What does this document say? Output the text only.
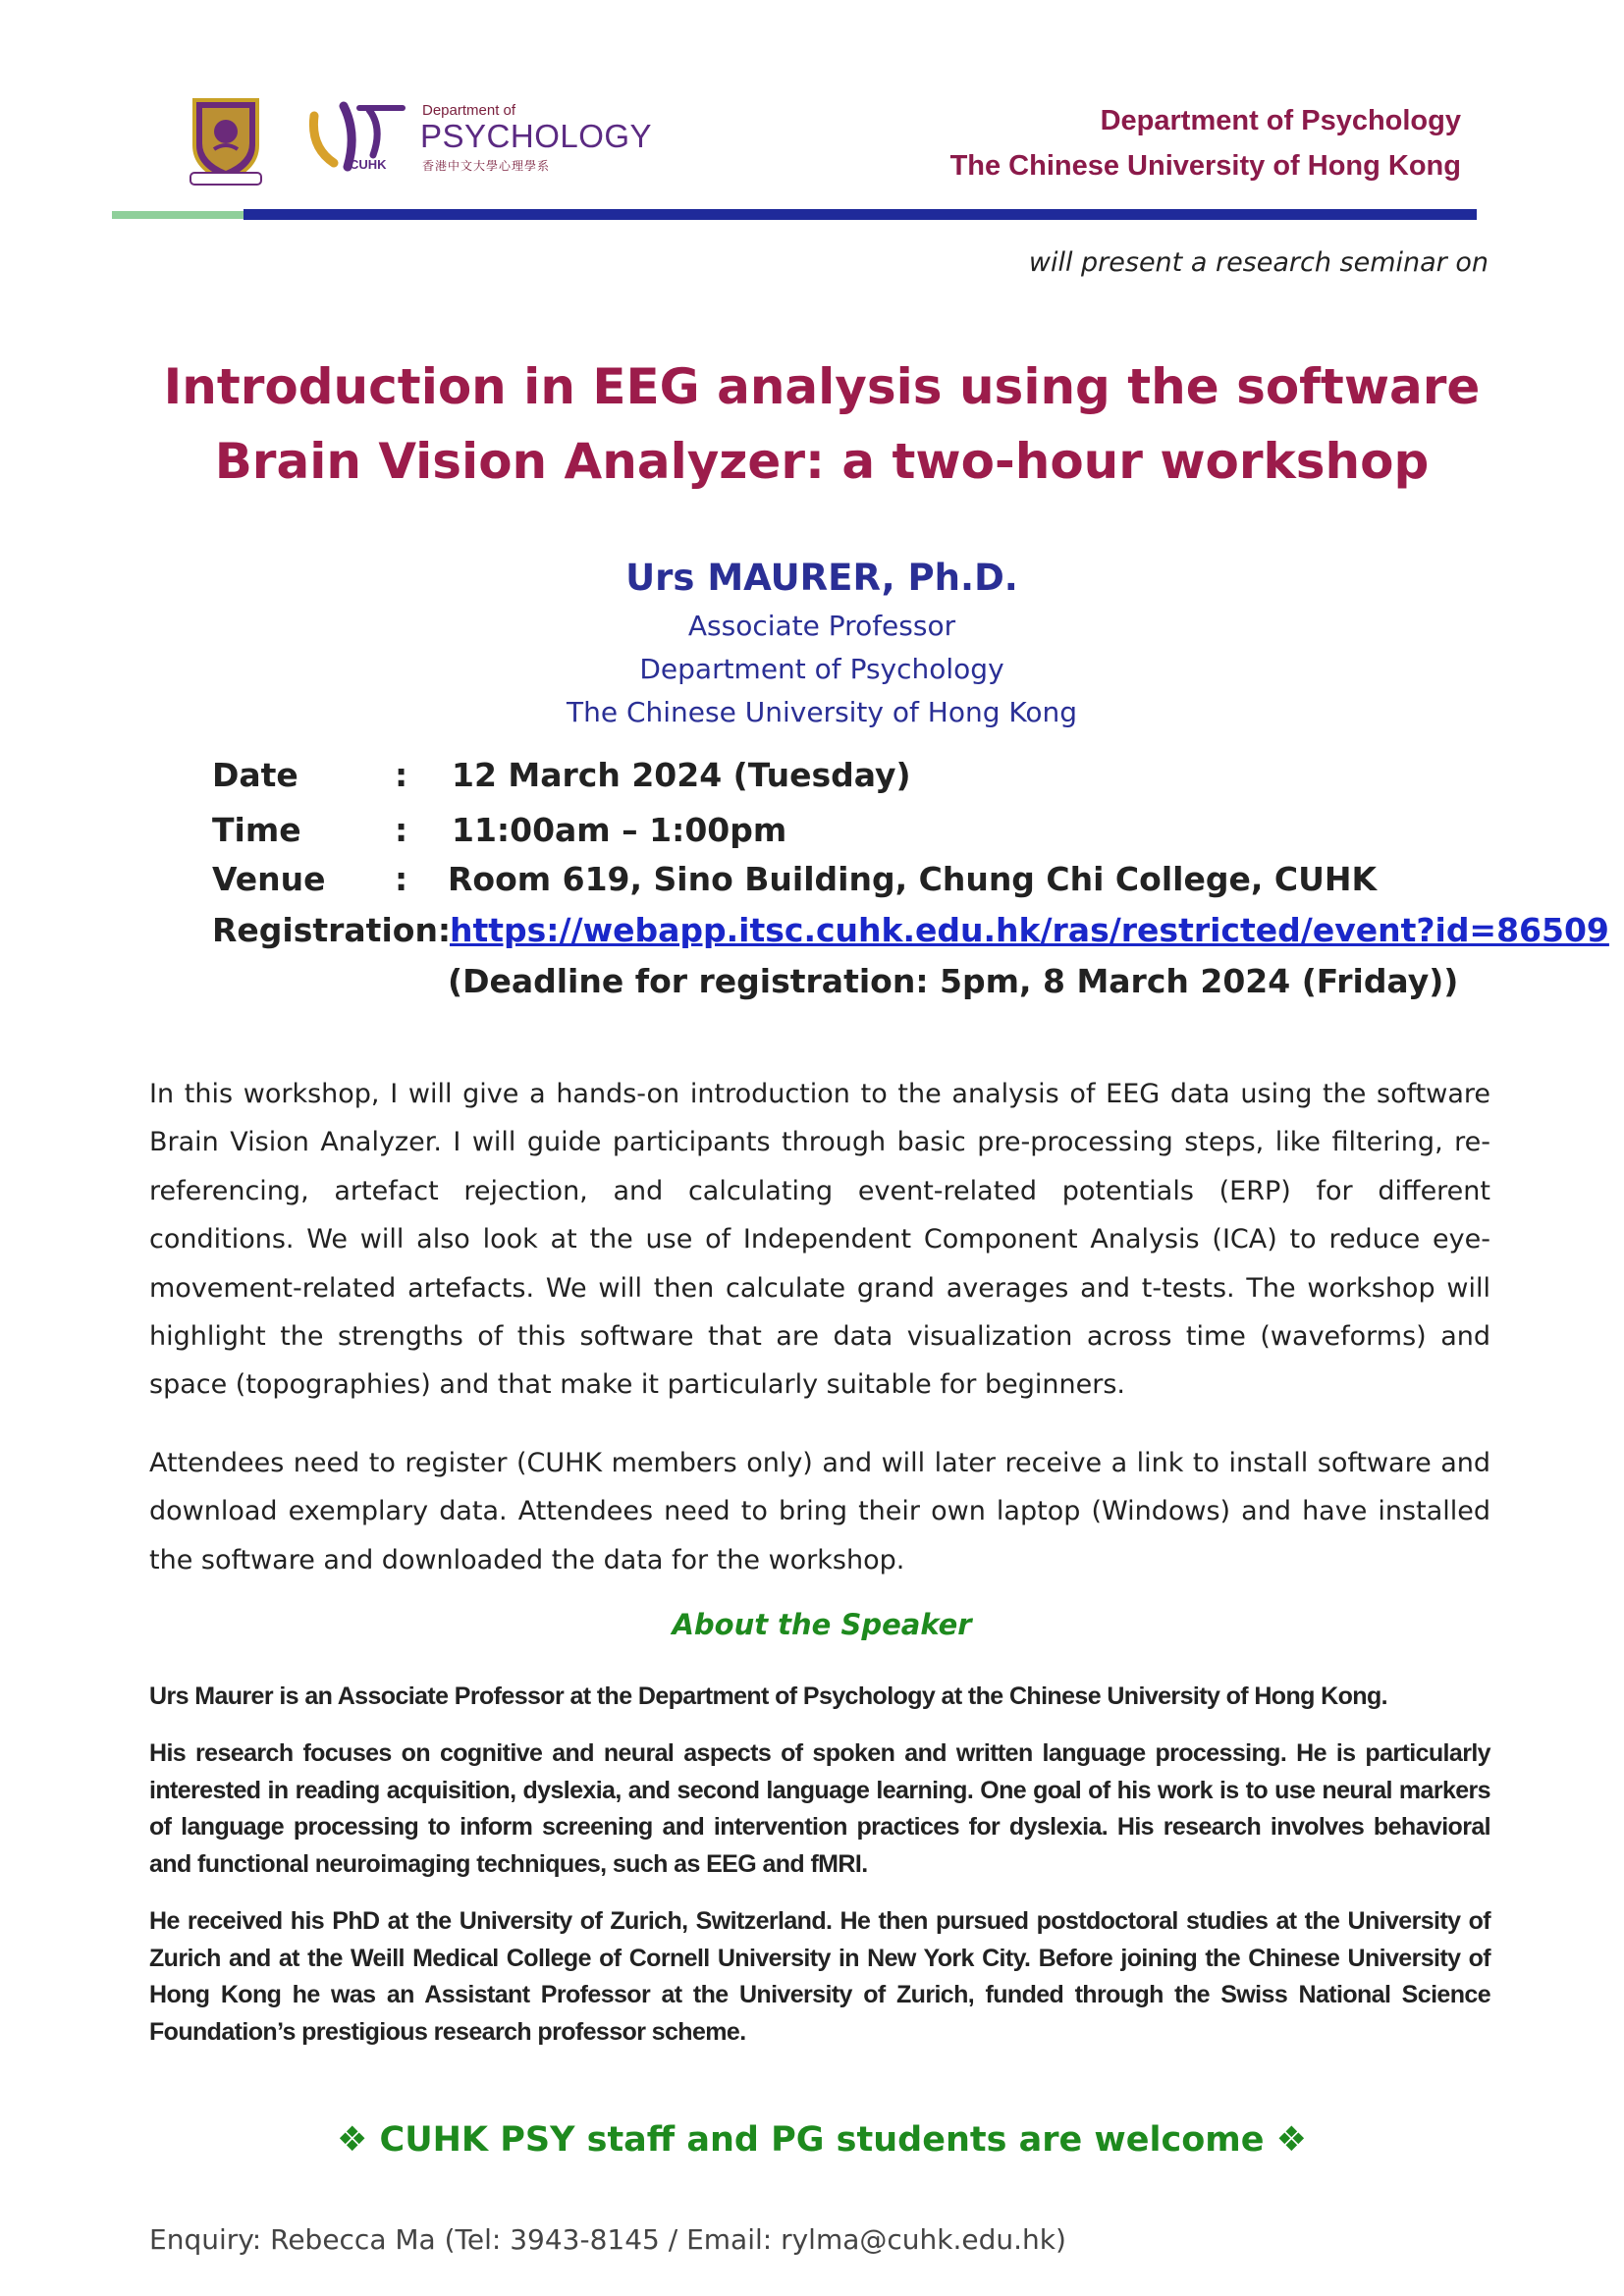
CUHK
Department of
PSYCHOLOGY
香港中文大學心理學系
Department of Psychology
The Chinese University of Hong Kong
will present a research seminar on
Introduction in EEG analysis using the software
Brain Vision Analyzer: a two-hour workshop
Urs MAURER, Ph.D.
Associate Professor
Department of Psychology
The Chinese University of Hong Kong
Date	: 12 March 2024 (Tuesday)
Time	: 11:00am – 1:00pm
Venue : Room 619, Sino Building, Chung Chi College, CUHK
Registration:
https://webapp.itsc.cuhk.edu.hk/ras/restricted/event?id=86509
(Deadline for registration: 5pm, 8 March 2024 (Friday))
In this workshop, I will give a hands-on introduction to the analysis of EEG data using the software Brain Vision Analyzer. I will guide participants through basic pre-processing steps, like filtering, re-referencing, artefact rejection, and calculating event-related potentials (ERP) for different conditions. We will also look at the use of Independent Component Analysis (ICA) to reduce eye-movement-related artefacts. We will then calculate grand averages and t-tests. The workshop will highlight the strengths of this software that are data visualization across time (waveforms) and space (topographies) and that make it particularly suitable for beginners.
Attendees need to register (CUHK members only) and will later receive a link to install software and download exemplary data. Attendees need to bring their own laptop (Windows) and have installed the software and downloaded the data for the workshop.
About the Speaker
Urs Maurer is an Associate Professor at the Department of Psychology at the Chinese University of Hong Kong.
His research focuses on cognitive and neural aspects of spoken and written language processing. He is particularly interested in reading acquisition, dyslexia, and second language learning. One goal of his work is to use neural markers of language processing to inform screening and intervention practices for dyslexia. His research involves behavioral and functional neuroimaging techniques, such as EEG and fMRI.
He received his PhD at the University of Zurich, Switzerland. He then pursued postdoctoral studies at the University of Zurich and at the Weill Medical College of Cornell University in New York City. Before joining the Chinese University of Hong Kong he was an Assistant Professor at the University of Zurich, funded through the Swiss National Science Foundation’s prestigious research professor scheme.
❖ CUHK PSY staff and PG students are welcome ❖
Enquiry: Rebecca Ma (Tel: 3943-8145 / Email: rylma@cuhk.edu.hk)
